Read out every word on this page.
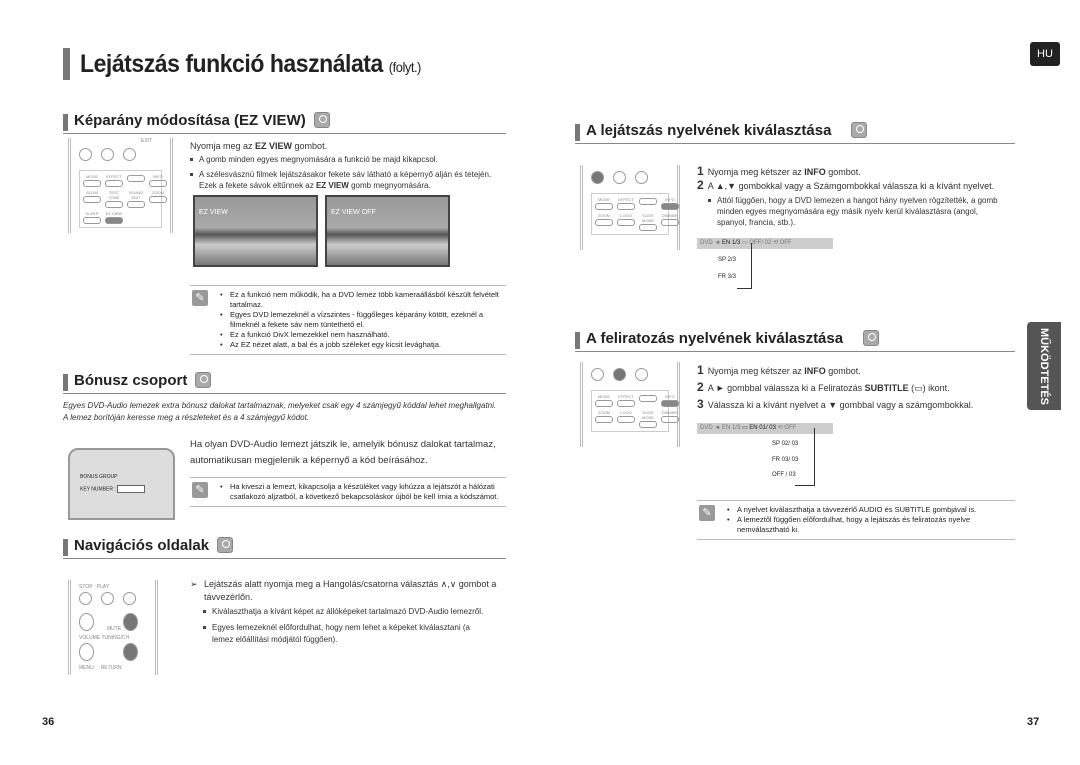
Lejátszás funkció használata (folyt.)
HU
MŰKÖDTETÉS
Képarány módosítása (EZ VIEW)
EXIT
MODE	EFFECT	INFO
SLOW	TEST TONE
SOUND EDIT
ZOOM
SLEEP	EZ VIEW
Nyomja meg az EZ VIEW gombot.
A gomb minden egyes megnyomására a funkció be majd kikapcsol.
A szélesvásznú filmek lejátszásakor fekete sáv látható a képernyő alján és tetején. Ezek a fekete sávok eltűnnek az EZ VIEW gomb megnyomására.
EZ VIEW	EZ VIEW OFF
✎	• Ez a funkció nem működik, ha a DVD lemez több kameraállásból készült felvételt tartalmaz.
• Egyes DVD lemezeknél a vízszintes - függőleges képarány kötött, ezeknél a filmeknél a fekete sáv nem tüntethető el.
• Ez a funkció DivX lemezekkel nem használható.
• Az EZ nézet alatt, a bal és a jobb széleket egy kicsit levághatja.
Bónusz csoport
Egyes DVD-Audio lemezek extra bónusz dalokat tartalmaznak, melyeket csak egy 4 számjegyű kóddal lehet meghallgatni. A lemez borítóján keresse meg a részleteket és a 4 számjegyű kódot.
BONUS GROUP
KEY NUMBER :
Ha olyan DVD-Audio lemezt játszik le, amelyik bónusz dalokat tartalmaz, automatikusan megjelenik a képernyő a kód beírásához.
✎	• Ha kiveszi a lemezt, kikapcsolja a készüléket vagy kihúzza a lejátszót a hálózati csatlakozó aljzatból, a következő bekapcsoláskor újból be kell írnia a kódszámot.
Navigációs oldalak
STOP PLAY
MUTE
VOLUME TUNING/CH
MENU RETURN
➢ Lejátszás alatt nyomja meg a Hangolás/csatorna választás ∧,∨ gombot a távvezérlőn.
Kiválaszthatja a kívánt képet az állóképeket tartalmazó DVD-Audio lemezről.
Egyes lemezeknél előfordulhat, hogy nem lehet a képeket kiválasztani (a lemez előállítási módjától függően).
A lejátszás nyelvének kiválasztása
MODE	EFFECT	INFO
ZOOM	LOGO	SLIDE MODE
DIMMER
1 Nyomja meg kétszer az INFO gombot.
2 A ▲,▼ gombokkal vagy a Számgombokkal válassza ki a kívánt nyelvet.
Attól függően, hogy a DVD lemezen a hangot hány nyelven rögzítették, a gomb minden egyes megnyomására egy másik nyelv kerül kiválasztásra (angol, spanyol, francia, stb.).
DVD ◄ EN 1/3 ▭ OFF/ 02 ⟲ OFF
SP 2/3
FR 3/3
A feliratozás nyelvének kiválasztása
MODE	EFFECT	INFO
ZOOM	LOGO	SLIDE MODE
DIMMER
1 Nyomja meg kétszer az INFO gombot.
2 A ► gombbal válassza ki a Feliratozás SUBTITLE (▭) ikont.
3 Válassza ki a kívánt nyelvet a ▼ gombbal vagy a számgombokkal.
DVD ◄ EN 1/3 ▭ EN 01/ 03 ⟲ OFF
SP 02/ 03
FR 03/ 03
OFF / 03
✎	• A nyelvet kiválaszthatja a távvezérlő AUDIO és SUBTITLE gombjával is.
• A lemeztől függően előfordulhat, hogy a lejátszás és feliratozás nyelve nemválasztható ki.
36	37
